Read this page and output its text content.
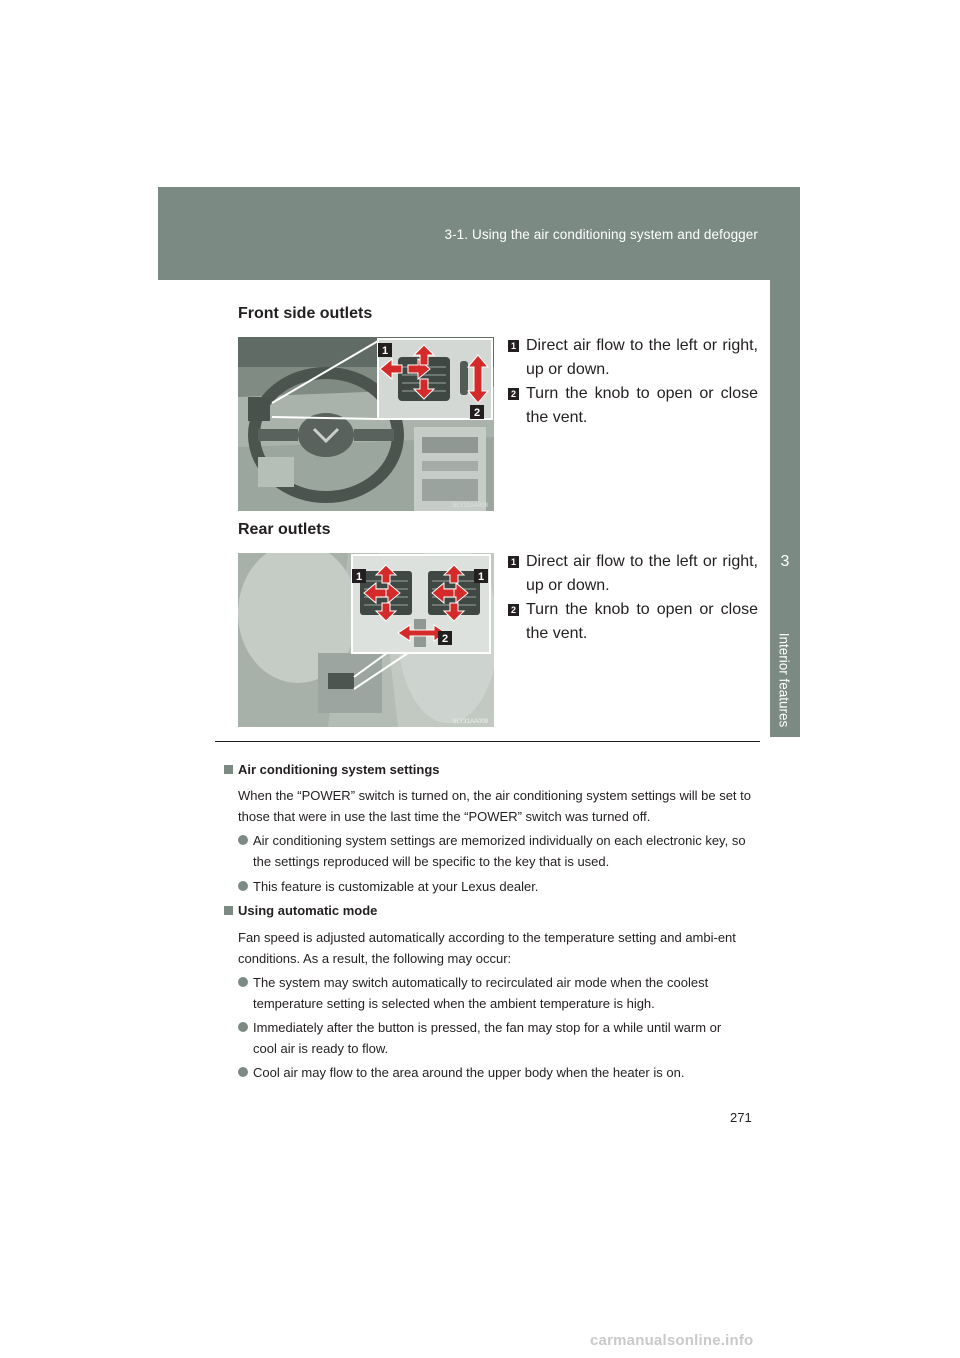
3-1. Using the air conditioning system and defogger
3
Interior features
Front side outlets
1
2
SLY31AA008
1 Direct air flow to the left or right, up or down.
2 Turn the knob to open or close the vent.
Rear outlets
1	1
2
SLY31AA009
1 Direct air flow to the left or right, up or down.
2 Turn the knob to open or close the vent.
Air conditioning system settings
When the “POWER” switch is turned on, the air conditioning system settings will be set to those that were in use the last time the “POWER” switch was turned off.
Air conditioning system settings are memorized individually on each electronic key, so the settings reproduced will be specific to the key that is used.
This feature is customizable at your Lexus dealer.
Using automatic mode
Fan speed is adjusted automatically according to the temperature setting and ambi-ent conditions. As a result, the following may occur:
The system may switch automatically to recirculated air mode when the coolest temperature setting is selected when the ambient temperature is high.
Immediately after the button is pressed, the fan may stop for a while until warm or cool air is ready to flow.
Cool air may flow to the area around the upper body when the heater is on.
271
carmanualsonline.info
